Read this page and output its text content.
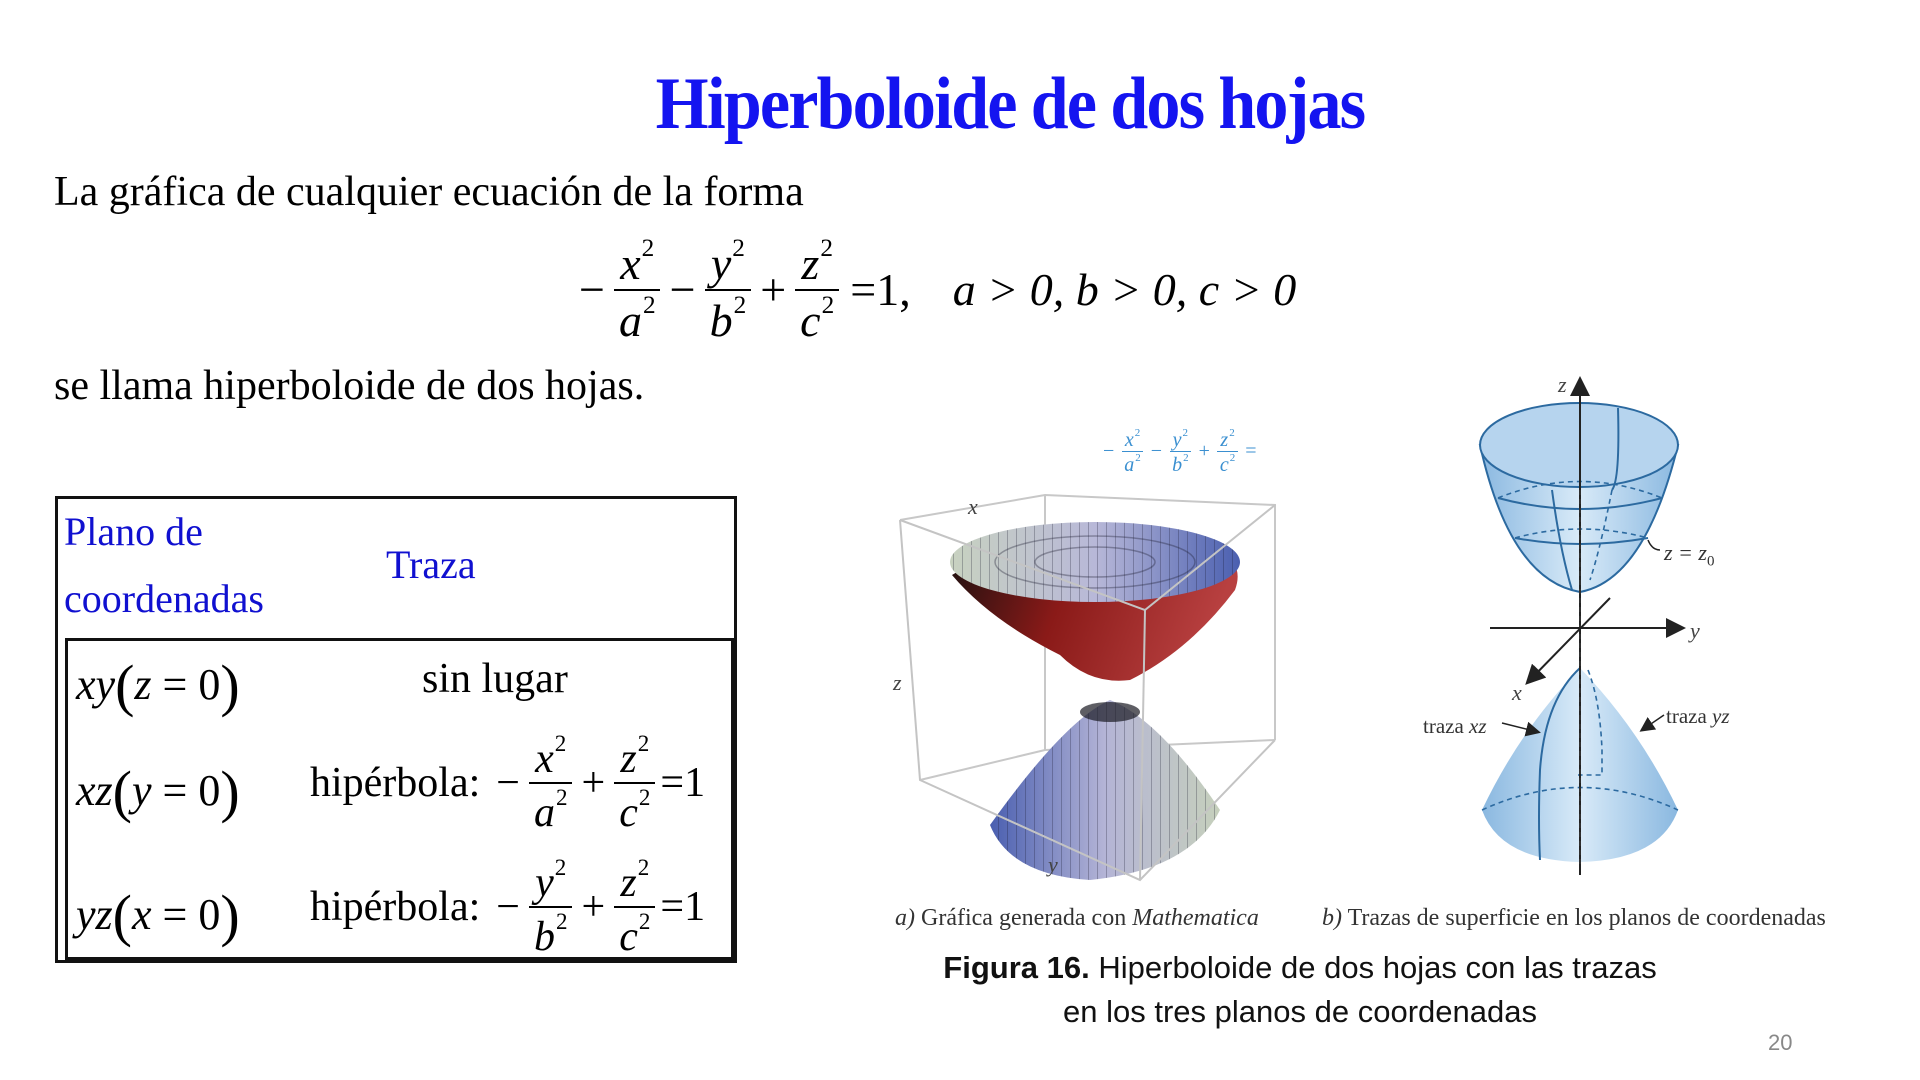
Hiperboloide de dos hojas
La gráfica de cualquier ecuación de la forma
− $\frac{x^2}{a^2} - \frac{y^2}{b^2} + \frac{z^2}{c^2} =1$, a > 0, b > 0, c > 0
se llama hiperboloide de dos hojas.
Plano de
coordenadas
Traza
xy(z = 0)	sin lugar
xz(y = 0) hipérbola: − $\frac{x^2}{a^2} + \frac{z^2}{c^2} =1$
yz(x = 0) hipérbola: − $\frac{y^2}{b^2} + \frac{z^2}{c^2} =1$
x
z
y
− $\frac{x^2}{a^2} - \frac{y^2}{b^2} + \frac{z^2}{c^2}$ =
a) Gráfica generada con Mathematica
z
y
x
$z = z_0$
traza xz	traza yz
b) Trazas de superficie en los planos de coordenadas
Figura 16. Hiperboloide de dos hojas con las trazas
en los tres planos de coordenadas
20
